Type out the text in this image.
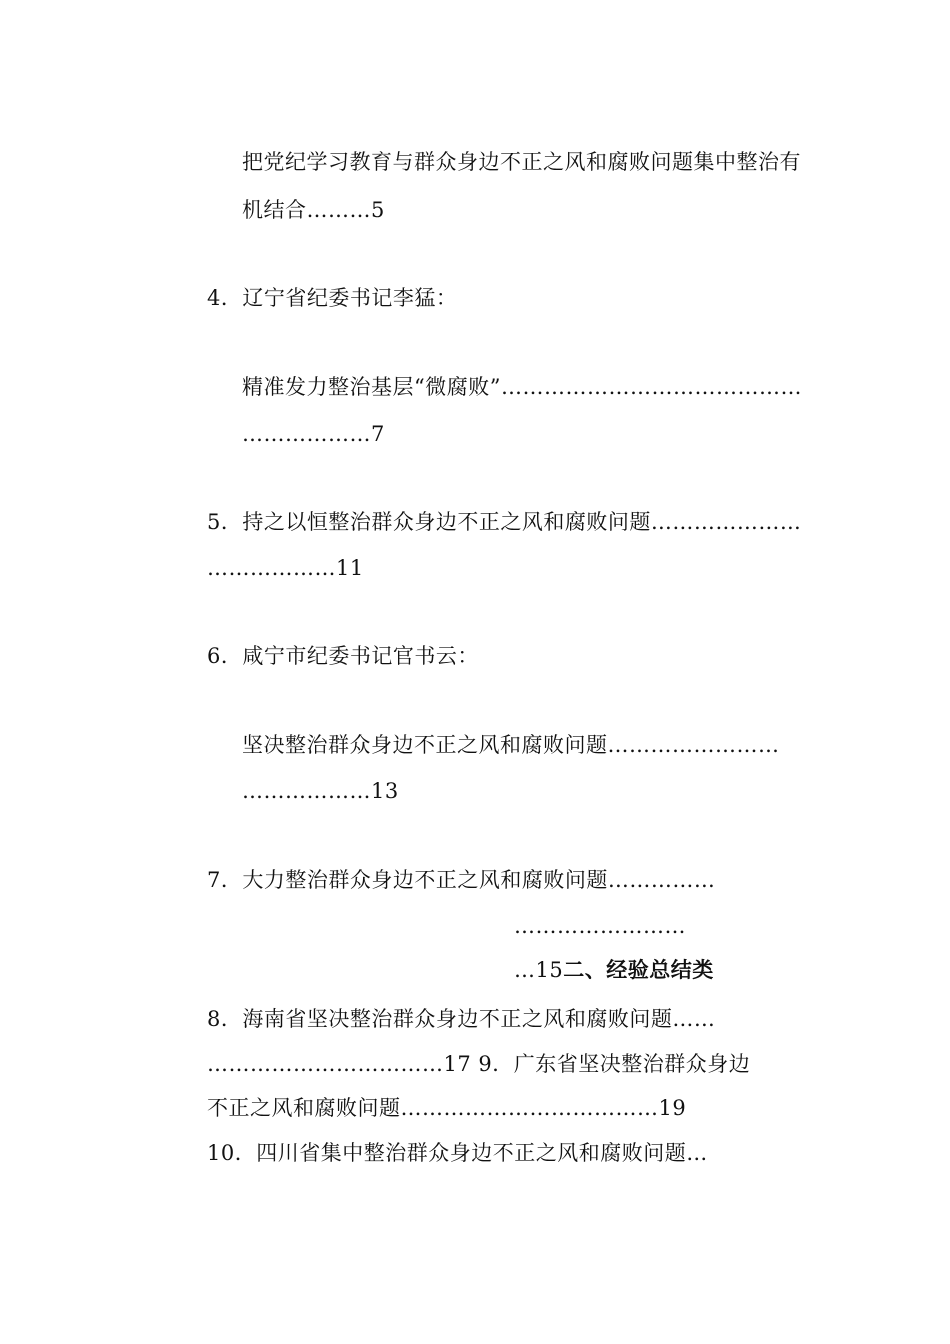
把党纪学习教育与群众身边不正之风和腐败问题集中整治有
机结合………5
4．辽宁省纪委书记李猛：
精准发力整治基层“微腐败”……………………………………
………………7
5．持之以恒整治群众身边不正之风和腐败问题…………………
………………11
6．咸宁市纪委书记官书云：
坚决整治群众身边不正之风和腐败问题……………………
………………13
7．大力整治群众身边不正之风和腐败问题……………
……………………
…15二、经验总结类
8．海南省坚决整治群众身边不正之风和腐败问题……
……………………………17 9．广东省坚决整治群众身边
不正之风和腐败问题………………………………19
10．四川省集中整治群众身边不正之风和腐败问题…
